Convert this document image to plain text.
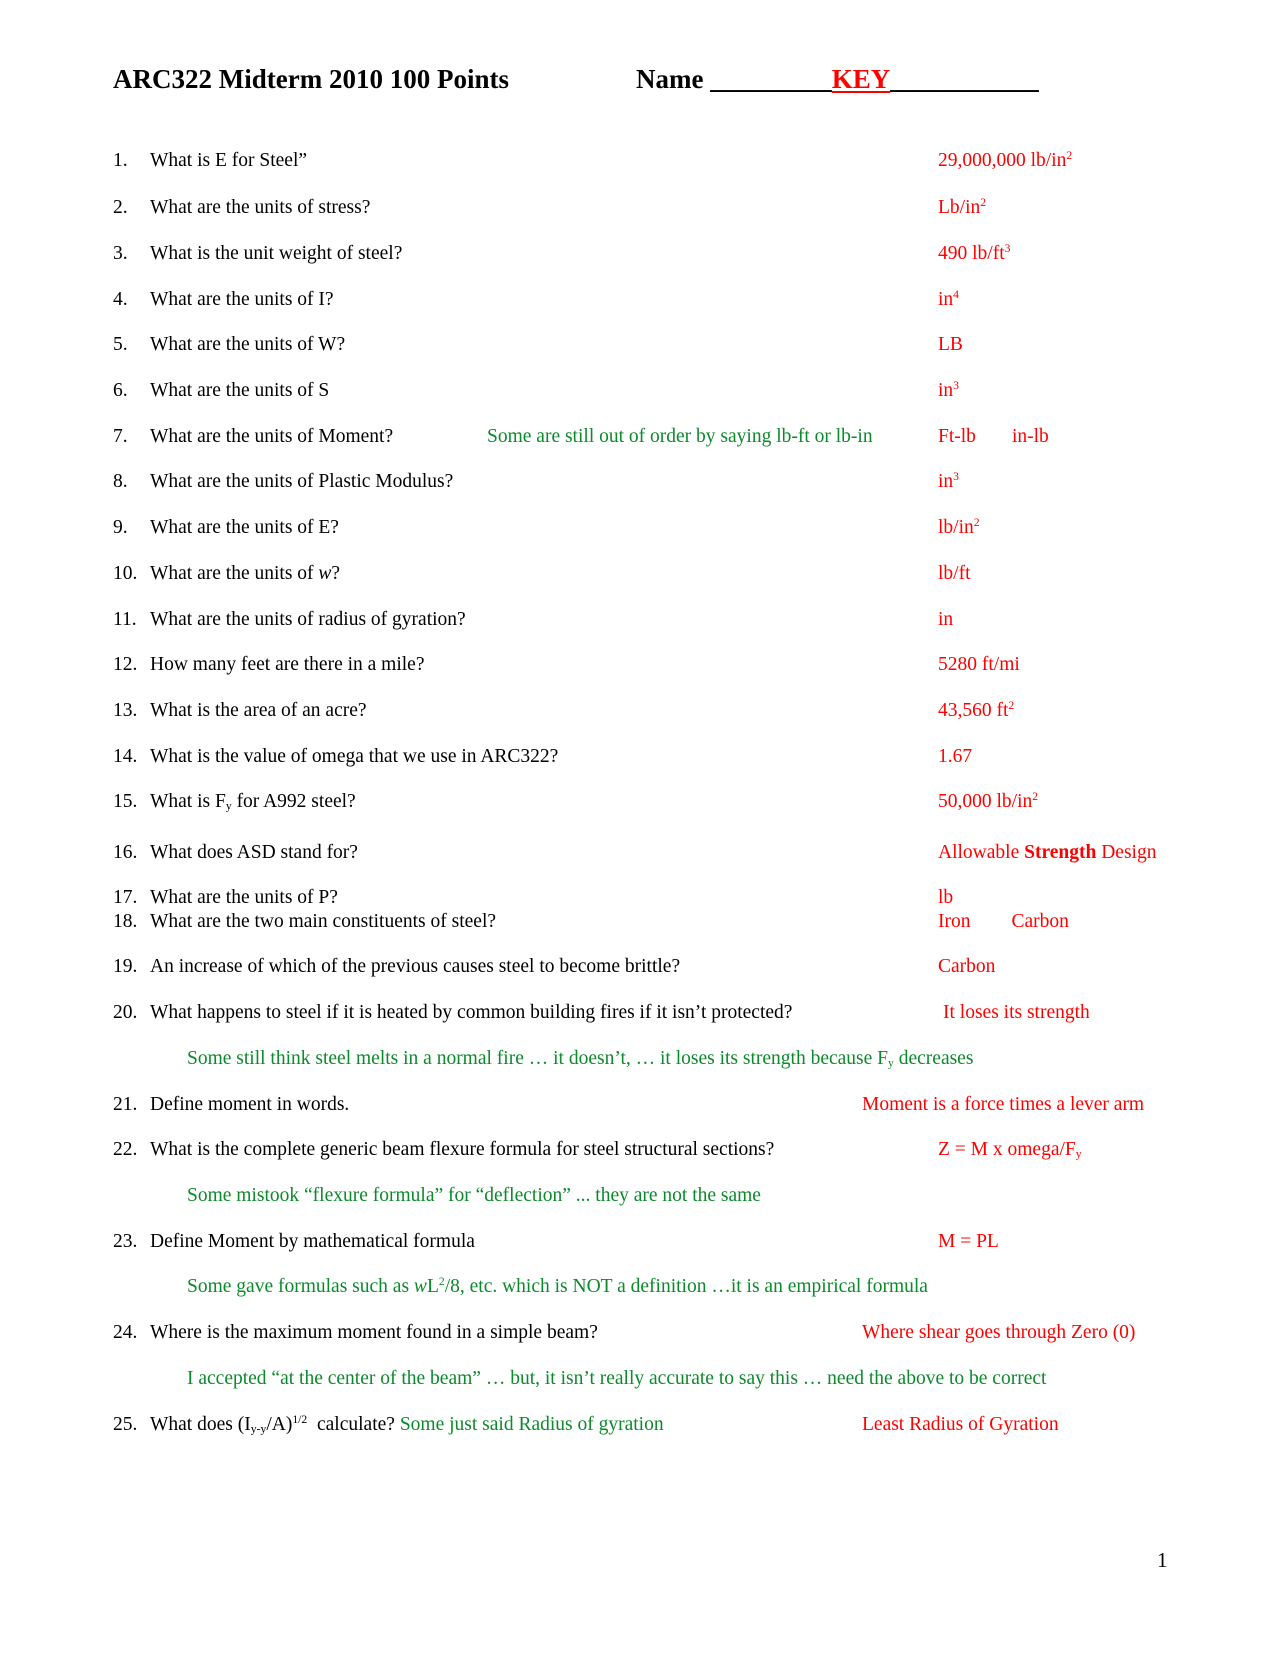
ARC322 Midterm 2010 100 Points	Name _________KEY___________
1. What is E for Steel”	29,000,000 $lb/in^2$
2. What are the units of stress?	$Lb/in^2$
3. What is the unit weight of steel?	490 $lb/ft^3$
4. What are the units of I?	$in^4$
5. What are the units of W?	LB
6. What are the units of S	$in^3$
7. What are the units of Moment?	Some are still out of order by saying lb-ft or lb-in	Ft-lb in-lb
8. What are the units of Plastic Modulus?	$in^3$
9. What are the units of E?	$lb/in^2$
10. What are the units of w?	lb/ft
11. What are the units of radius of gyration?	in
12. How many feet are there in a mile?	5280 ft/mi
13. What is the area of an acre?	43,560 $ft^2$
14. What is the value of omega that we use in ARC322?	1.67
15. What is $F_y$ for A992 steel?	50,000 $lb/in^2$
16. What does ASD stand for?	Allowable Strength Design
17. What are the units of P?	lb
18. What are the two main constituents of steel?	Iron Carbon
19. An increase of which of the previous causes steel to become brittle?	Carbon
20. What happens to steel if it is heated by common building fires if it isn’t protected?	It loses its strength
Some still think steel melts in a normal fire … it doesn’t, … it loses its strength because $F_y$ decreases
21. Define moment in words.	Moment is a force times a lever arm
22. What is the complete generic beam flexure formula for steel structural sections?	Z = M x omega/$F_y$
Some mistook “flexure formula” for “deflection” ... they are not the same
23. Define Moment by mathematical formula	M = PL
Some gave formulas such as $wL^2/8$, etc. which is NOT a definition …it is an empirical formula
24. Where is the maximum moment found in a simple beam?	Where shear goes through Zero (0)
I accepted “at the center of the beam” … but, it isn’t really accurate to say this … need the above to be correct
25. What does $(I_{y-y}/A)^{1/2}$  calculate? Some just said Radius of gyration	Least Radius of Gyration
1
